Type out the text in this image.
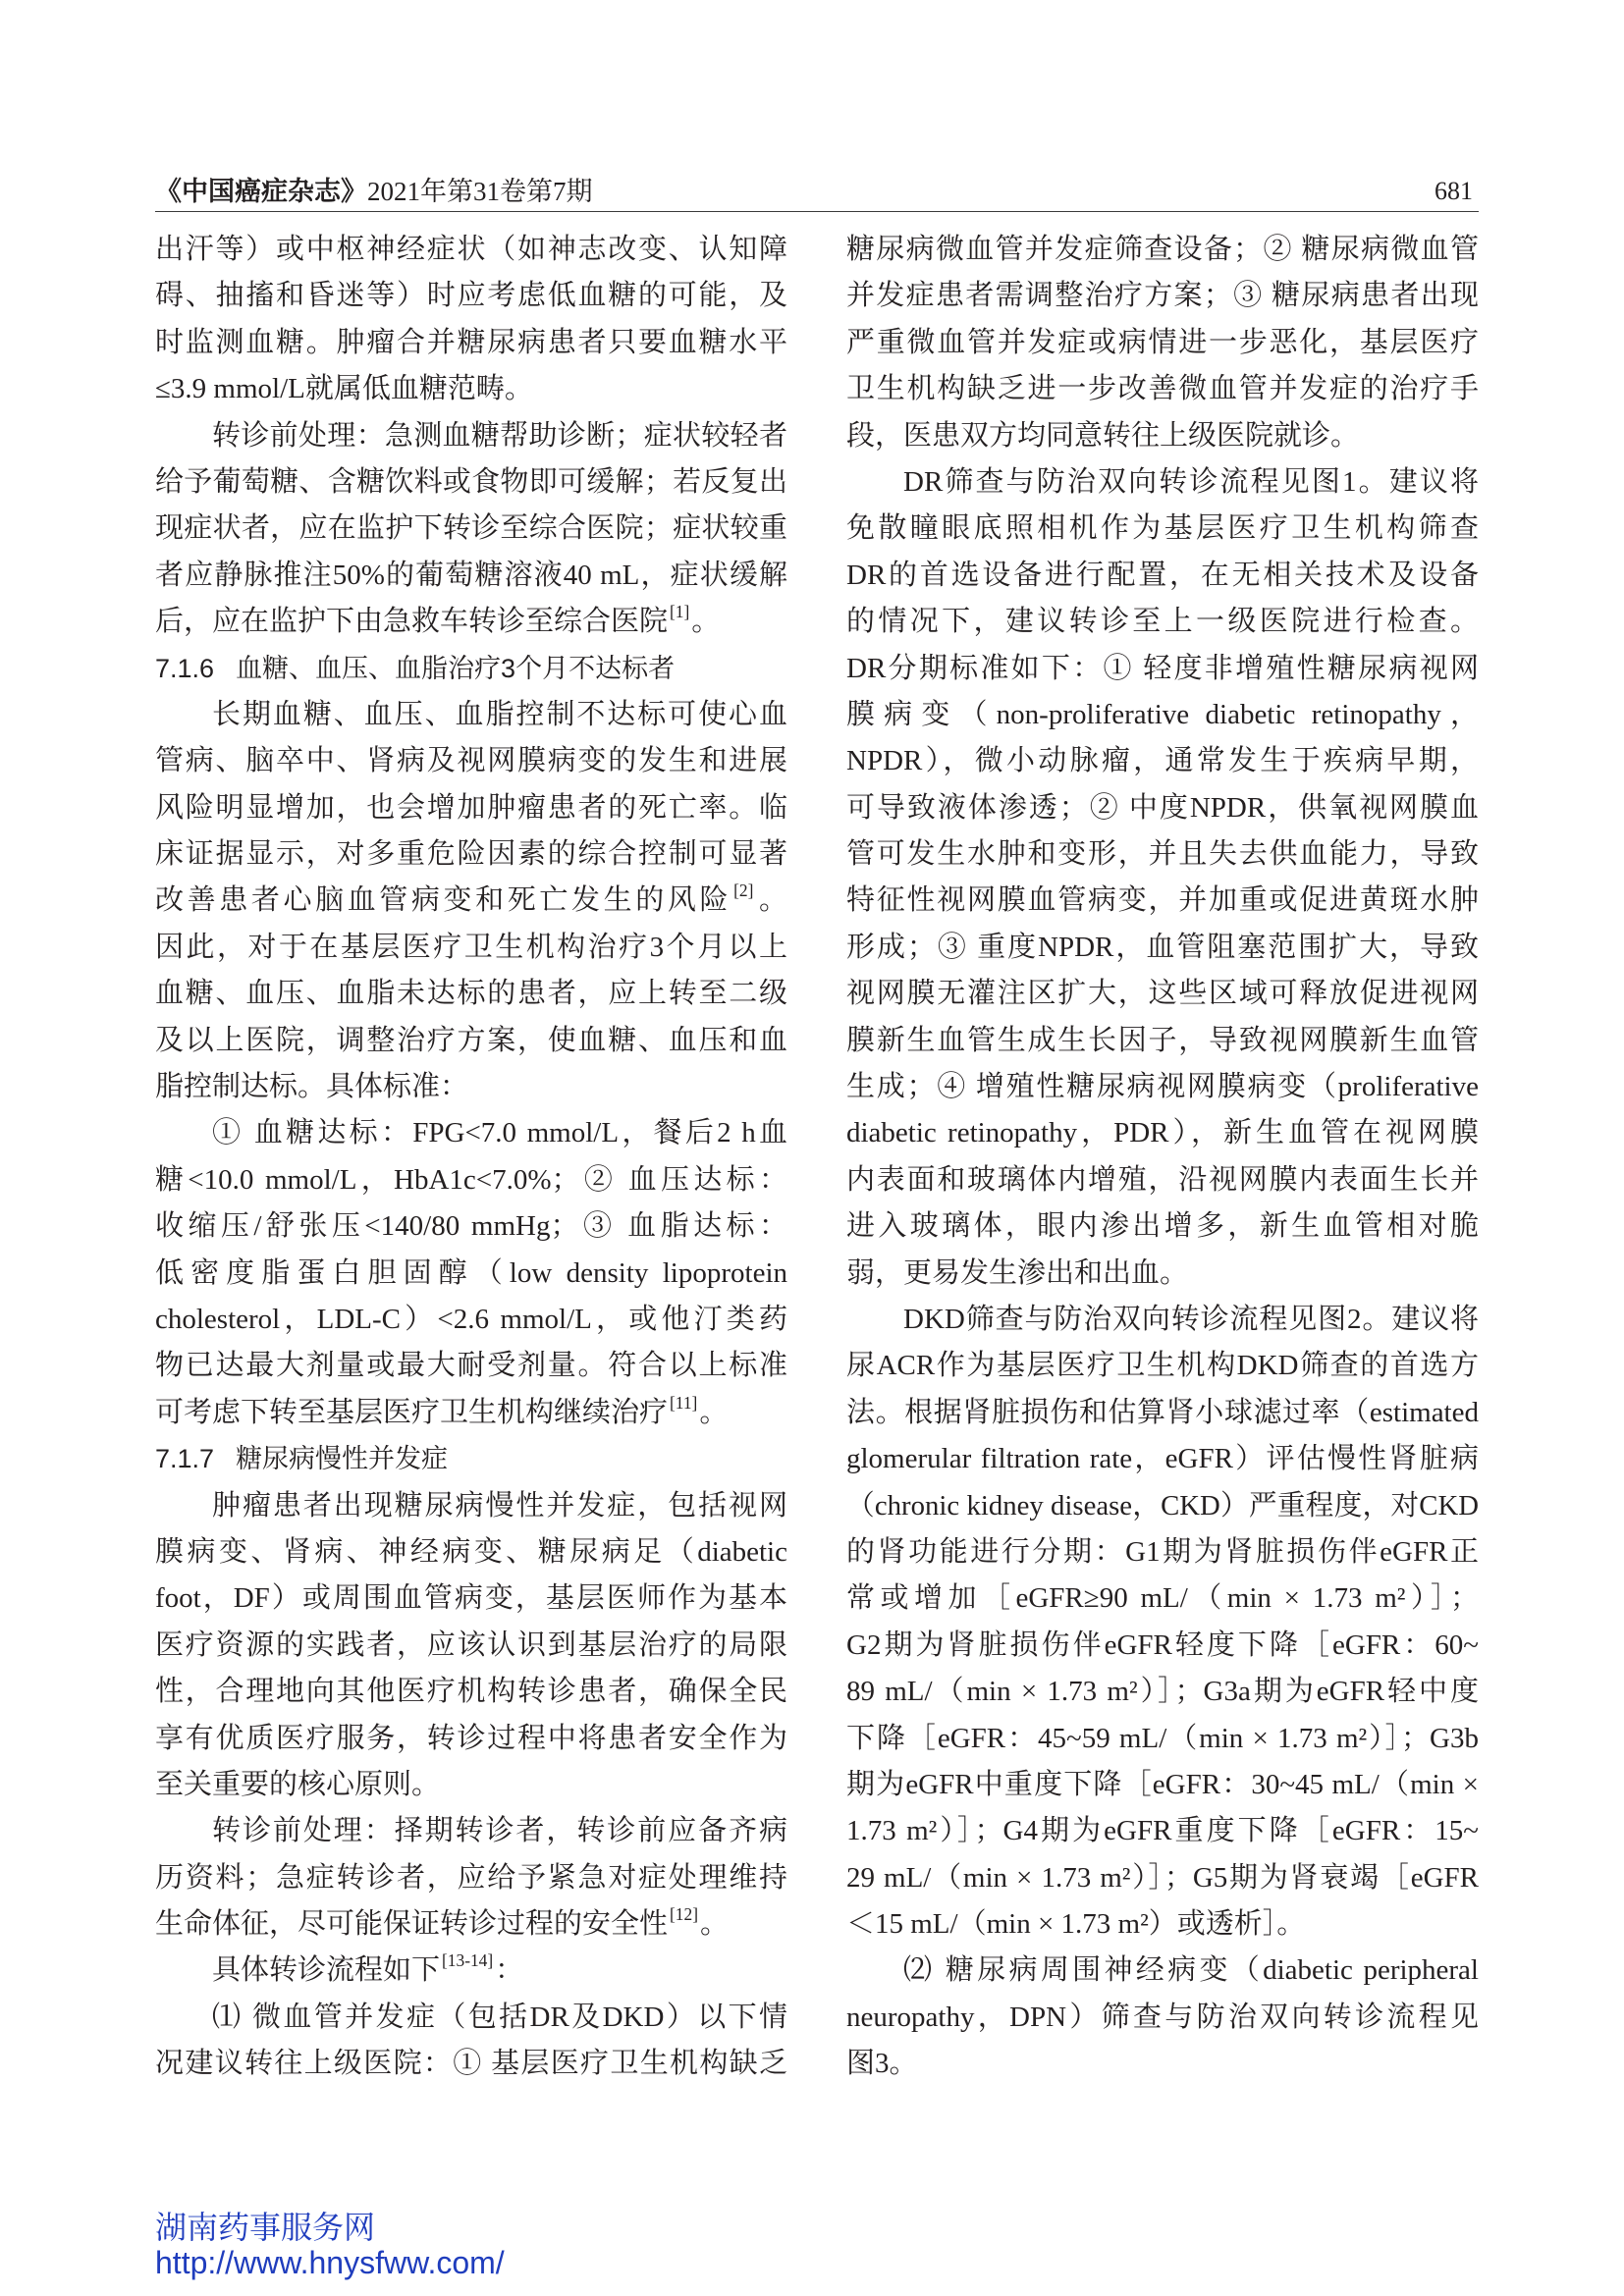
《中国癌症杂志》2021年第31卷第7期	681
出汗等）或中枢神经症状（如神志改变、认知障
碍、抽搐和昏迷等）时应考虑低血糖的可能，及
时监测血糖。肿瘤合并糖尿病患者只要血糖水平
≤3.9 mmol/L就属低血糖范畴。
转诊前处理：急测血糖帮助诊断；症状较轻者
给予葡萄糖、含糖饮料或食物即可缓解；若反复出
现症状者，应在监护下转诊至综合医院；症状较重
者应静脉推注50%的葡萄糖溶液40 mL，症状缓解
后，应在监护下由急救车转诊至综合医院 [1]。
7.1.6 血糖、血压、血脂治疗3个月不达标者
长期血糖、血压、血脂控制不达标可使心血
管病、脑卒中、肾病及视网膜病变的发生和进展
风险明显增加，也会增加肿瘤患者的死亡率。临
床证据显示，对多重危险因素的综合控制可显著
改善患者心脑血管病变和死亡发生的风险 [2]。
因此，对于在基层医疗卫生机构治疗3个月以上
血糖、血压、血脂未达标的患者，应上转至二级
及以上医院，调整治疗方案，使血糖、血压和血
脂控制达标。具体标准：
① 血糖达标：FPG<7.0 mmol/L，餐后2 h血
糖<10.0 mmol/L，HbA1c<7.0%；② 血压达标：
收缩压/舒张压<140/80 mmHg；③ 血脂达标：
低密度脂蛋白胆固醇（low density lipoprotein
cholesterol，LDL-C）<2.6 mmol/L，或他汀类药
物已达最大剂量或最大耐受剂量。符合以上标准
可考虑下转至基层医疗卫生机构继续治疗 [11]。
7.1.7 糖尿病慢性并发症
肿瘤患者出现糖尿病慢性并发症，包括视网
膜病变、肾病、神经病变、糖尿病足（diabetic
foot，DF）或周围血管病变，基层医师作为基本
医疗资源的实践者，应该认识到基层治疗的局限
性，合理地向其他医疗机构转诊患者，确保全民
享有优质医疗服务，转诊过程中将患者安全作为
至关重要的核心原则。
转诊前处理：择期转诊者，转诊前应备齐病
历资料；急症转诊者，应给予紧急对症处理维持
生命体征，尽可能保证转诊过程的安全性 [12]。
具体转诊流程如下 [13-14]：
⑴ 微血管并发症（包括DR及DKD）以下情
况建议转往上级医院：① 基层医疗卫生机构缺乏
糖尿病微血管并发症筛查设备；② 糖尿病微血管
并发症患者需调整治疗方案；③ 糖尿病患者出现
严重微血管并发症或病情进一步恶化，基层医疗
卫生机构缺乏进一步改善微血管并发症的治疗手
段，医患双方均同意转往上级医院就诊。
DR筛查与防治双向转诊流程见图1。建议将
免散瞳眼底照相机作为基层医疗卫生机构筛查
DR的首选设备进行配置，在无相关技术及设备
的情况下，建议转诊至上一级医院进行检查。
DR分期标准如下：① 轻度非增殖性糖尿病视网
膜病变（non-proliferative diabetic retinopathy，
NPDR），微小动脉瘤，通常发生于疾病早期，
可导致液体渗透；② 中度NPDR，供氧视网膜血
管可发生水肿和变形，并且失去供血能力，导致
特征性视网膜血管病变，并加重或促进黄斑水肿
形成；③ 重度NPDR，血管阻塞范围扩大，导致
视网膜无灌注区扩大，这些区域可释放促进视网
膜新生血管生成生长因子，导致视网膜新生血管
生成；④ 增殖性糖尿病视网膜病变（proliferative
diabetic retinopathy，PDR），新生血管在视网膜
内表面和玻璃体内增殖，沿视网膜内表面生长并
进入玻璃体，眼内渗出增多，新生血管相对脆
弱，更易发生渗出和出血。
DKD筛查与防治双向转诊流程见图2。建议将
尿ACR作为基层医疗卫生机构DKD筛查的首选方
法。根据肾脏损伤和估算肾小球滤过率（estimated
glomerular filtration rate，eGFR）评估慢性肾脏病
（chronic kidney disease，CKD）严重程度，对CKD
的肾功能进行分期：G1期为肾脏损伤伴eGFR正
常或增加［eGFR≥90 mL/（min × 1.73 m²）］；
G2期为肾脏损伤伴eGFR轻度下降［eGFR：60~
89 mL/（min × 1.73 m²）］；G3a期为eGFR轻中度
下降［eGFR：45~59 mL/（min × 1.73 m²）］；G3b
期为eGFR中重度下降［eGFR：30~45 mL/（min ×
1.73 m²）］；G4期为eGFR重度下降［eGFR：15~
29 mL/（min × 1.73 m²）］；G5期为肾衰竭［eGFR
＜15 mL/（min × 1.73 m²）或透析］。
⑵ 糖尿病周围神经病变（diabetic peripheral
neuropathy，DPN）筛查与防治双向转诊流程见
图3。
湖南药事服务网
http://www.hnysfww.com/
